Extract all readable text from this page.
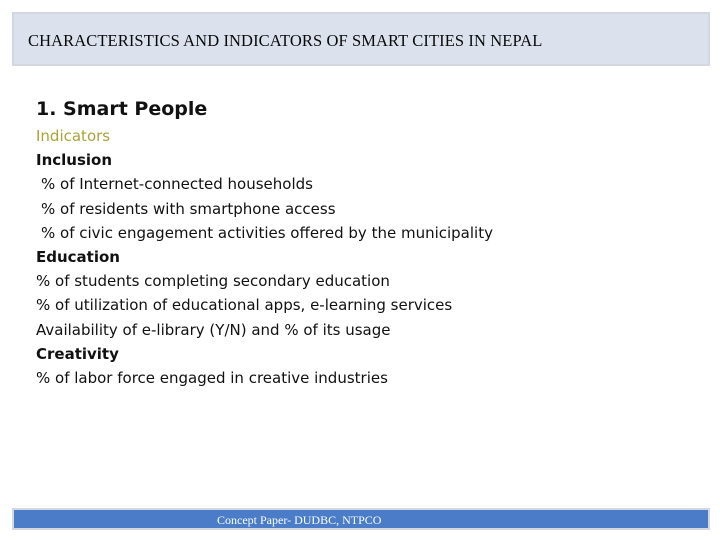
CHARACTERISTICS AND INDICATORS OF SMART CITIES IN NEPAL
1. Smart People
Indicators
Inclusion
% of Internet-connected households
% of residents with smartphone access
% of civic engagement activities offered by the municipality
Education
% of students completing secondary education
% of utilization of educational apps, e-learning services
Availability of e-library (Y/N) and % of its usage
Creativity
% of labor force engaged in creative industries
Concept Paper- DUDBC, NTPCO
